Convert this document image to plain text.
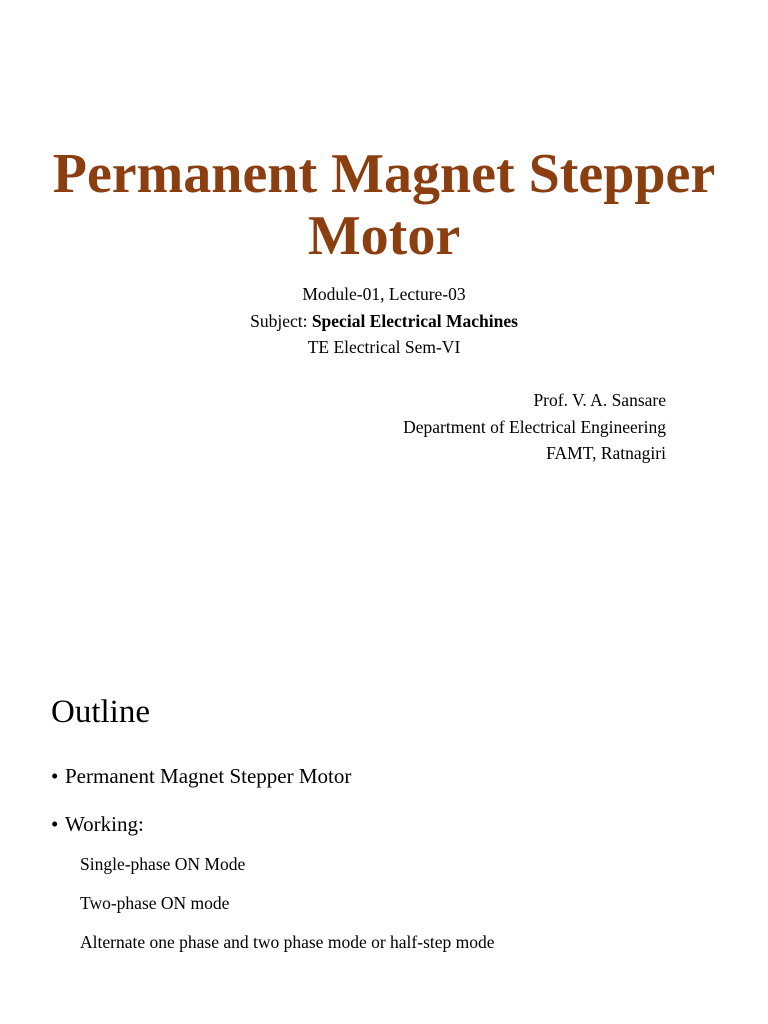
Permanent Magnet Stepper
Motor
Module-01, Lecture-03
Subject: Special Electrical Machines
TE Electrical Sem-VI
Prof. V. A. Sansare
Department of Electrical Engineering
FAMT, Ratnagiri
Outline
• Permanent Magnet Stepper Motor
• Working:
Single-phase ON Mode
Two-phase ON mode
Alternate one phase and two phase mode or half-step mode
